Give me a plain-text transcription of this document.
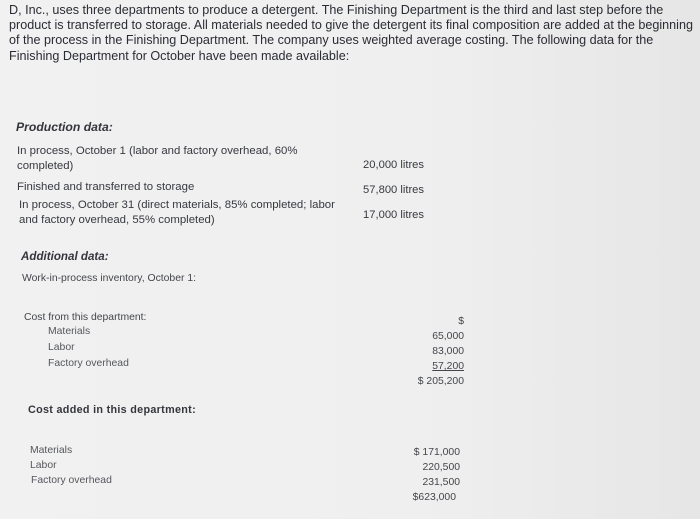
D, Inc., uses three departments to produce a detergent. The Finishing Department is the third and last step before the product is transferred to storage. All materials needed to give the detergent its final composition are added at the beginning of the process in the Finishing Department. The company uses weighted average costing. The following data for the Finishing Department for October have been made available:
Production data:
In process, October 1 (labor and factory overhead, 60%
completed)	20,000 litres
Finished and transferred to storage	57,800 litres
In process, October 31 (direct materials, 85% completed; labor
and factory overhead, 55% completed)	17,000 litres
Additional data:
Work-in-process inventory, October 1:
Cost from this department:	$
Materials	65,000
Labor	83,000
Factory overhead	57,200
$ 205,200
Cost added in this department:
Materials	$ 171,000
Labor	220,500
Factory overhead	231,500
$623,000
